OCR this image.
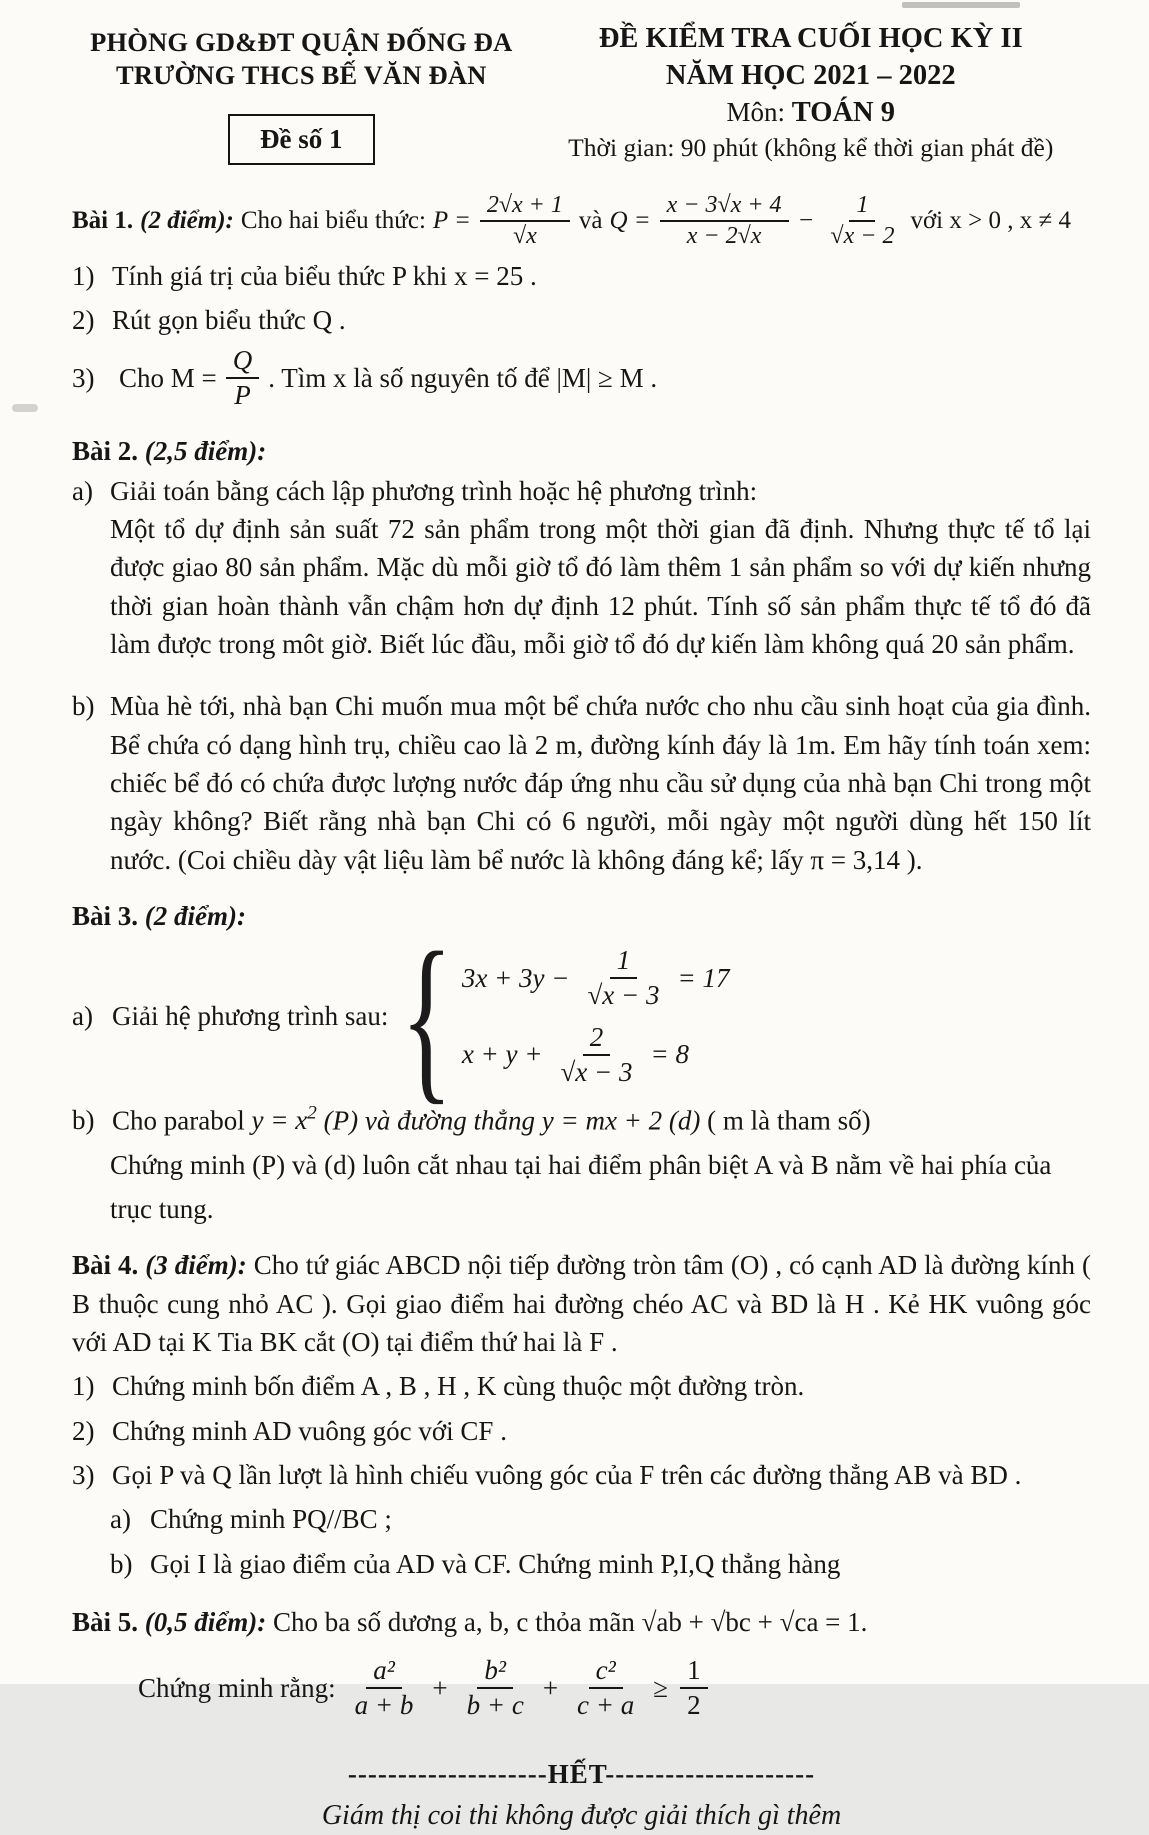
PHÒNG GD&ĐT QUẬN ĐỐNG ĐA
TRƯỜNG THCS BẾ VĂN ĐÀN
Đề số 1
ĐỀ KIỂM TRA CUỐI HỌC KỲ II
NĂM HỌC 2021 – 2022
Môn: TOÁN 9
Thời gian: 90 phút (không kể thời gian phát đề)
Bài 1. (2 điểm): Cho hai biểu thức: $P = \frac{2√x + 1}{√x}$ và $Q = \frac{x - 3√x + 4}{x - 2√x} - \frac{1}{√x - 2}$ với x > 0 , x ≠ 4
1) Tính giá trị của biểu thức P khi x = 25 .
2) Rút gọn biểu thức Q .
3) Cho $M = \frac{Q}{P}$ . Tìm x là số nguyên tố để |M| ≥ M .
Bài 2. (2,5 điểm):
a) Giải toán bằng cách lập phương trình hoặc hệ phương trình:
Một tổ dự định sản suất 72 sản phẩm trong một thời gian đã định. Nhưng thực tế tổ lại được giao 80 sản phẩm. Mặc dù mỗi giờ tổ đó làm thêm 1 sản phẩm so với dự kiến nhưng thời gian hoàn thành vẫn chậm hơn dự định 12 phút. Tính số sản phẩm thực tế tổ đó đã làm được trong môt giờ. Biết lúc đầu, mỗi giờ tổ đó dự kiến làm không quá 20 sản phẩm.
b) Mùa hè tới, nhà bạn Chi muốn mua một bể chứa nước cho nhu cầu sinh hoạt của gia đình. Bể chứa có dạng hình trụ, chiều cao là 2 m, đường kính đáy là 1m. Em hãy tính toán xem: chiếc bể đó có chứa được lượng nước đáp ứng nhu cầu sử dụng của nhà bạn Chi trong một ngày không? Biết rằng nhà bạn Chi có 6 người, mỗi ngày một người dùng hết 150 lít nước. (Coi chiều dày vật liệu làm bể nước là không đáng kể; lấy π = 3,14 ).
Bài 3. (2 điểm):
a) Giải hệ phương trình sau: { $3x + 3y - \frac{1}{√x - 3} = 17$
$x + y + \frac{2}{√x - 3} = 8$
b) Cho parabol $y = x^2$ (P) và đường thẳng y = mx + 2 (d) ( m là tham số)
Chứng minh (P) và (d) luôn cắt nhau tại hai điểm phân biệt A và B nằm về hai phía của
trục tung.

Bài 4. (3 điểm): Cho tứ giác ABCD nội tiếp đường tròn tâm (O) , có cạnh AD là đường kính ( B thuộc cung nhỏ AC ). Gọi giao điểm hai đường chéo AC và BD là H . Kẻ HK vuông góc với AD tại K Tia BK cắt (O) tại điểm thứ hai là F .

1) Chứng minh bốn điểm A , B , H , K cùng thuộc một đường tròn.
2) Chứng minh AD vuông góc với CF .
3) Gọi P và Q lần lượt là hình chiếu vuông góc của F trên các đường thẳng AB và BD .
a) Chứng minh PQ//BC ;
b) Gọi I là giao điểm của AD và CF. Chứng minh P,I,Q thẳng hàng
Bài 5. (0,5 điểm): Cho ba số dương a, b, c thỏa mãn √ab + √bc + √ca = 1.
Chứng minh rằng: $\frac{\text{a²}}{a + b} + \frac{\text{b²}}{b + c} + \frac{\text{c²}}{c + a} \ge \frac{1}{2}$
--------------------HẾT---------------------
Giám thị coi thi không được giải thích gì thêm
